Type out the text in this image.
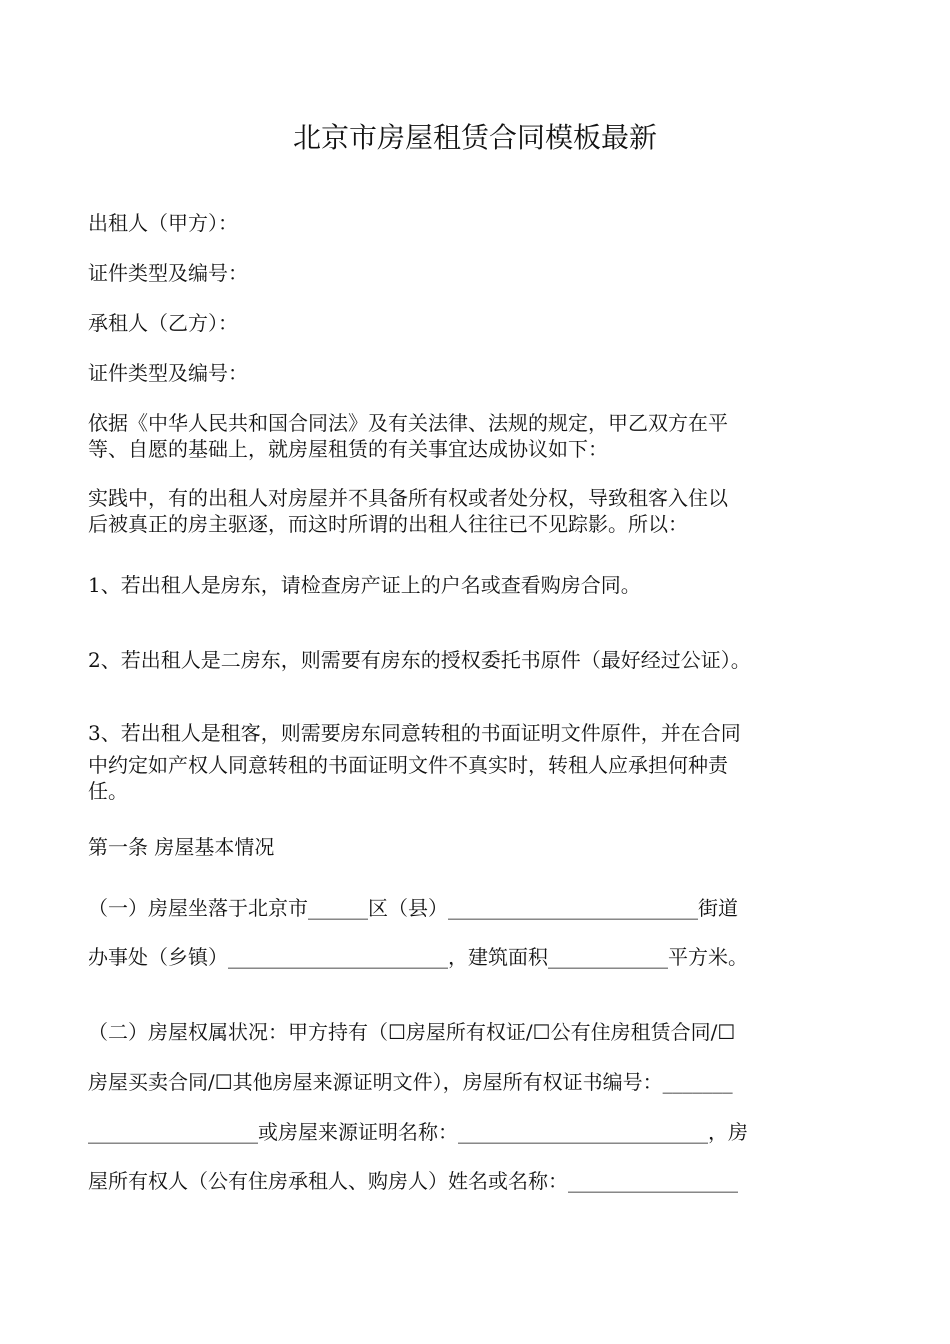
北京市房屋租赁合同模板最新
出租人（甲方）：
证件类型及编号：
承租人（乙方）：
证件类型及编号：
依据《中华人民共和国合同法》及有关法律、法规的规定，甲乙双方在平
等、自愿的基础上，就房屋租赁的有关事宜达成协议如下：
实践中，有的出租人对房屋并不具备所有权或者处分权，导致租客入住以
后被真正的房主驱逐，而这时所谓的出租人往往已不见踪影。所以：
1、若出租人是房东，请检查房产证上的户名或查看购房合同。
2、若出租人是二房东，则需要有房东的授权委托书原件（最好经过公证）。
3、若出租人是租客，则需要房东同意转租的书面证明文件原件，并在合同
中约定如产权人同意转租的书面证明文件不真实时，转租人应承担何种责
任。
第一条 房屋基本情况
（一）房屋坐落于北京市______区（县）_________________________街道
办事处（乡镇）______________________，建筑面积____________平方米。
（二）房屋权属状况：甲方持有（☐房屋所有权证/☐公有住房租赁合同/☐
房屋买卖合同/☐其他房屋来源证明文件），房屋所有权证书编号：_______
_________________或房屋来源证明名称：_________________________，房
屋所有权人（公有住房承租人、购房人）姓名或名称：_________________
